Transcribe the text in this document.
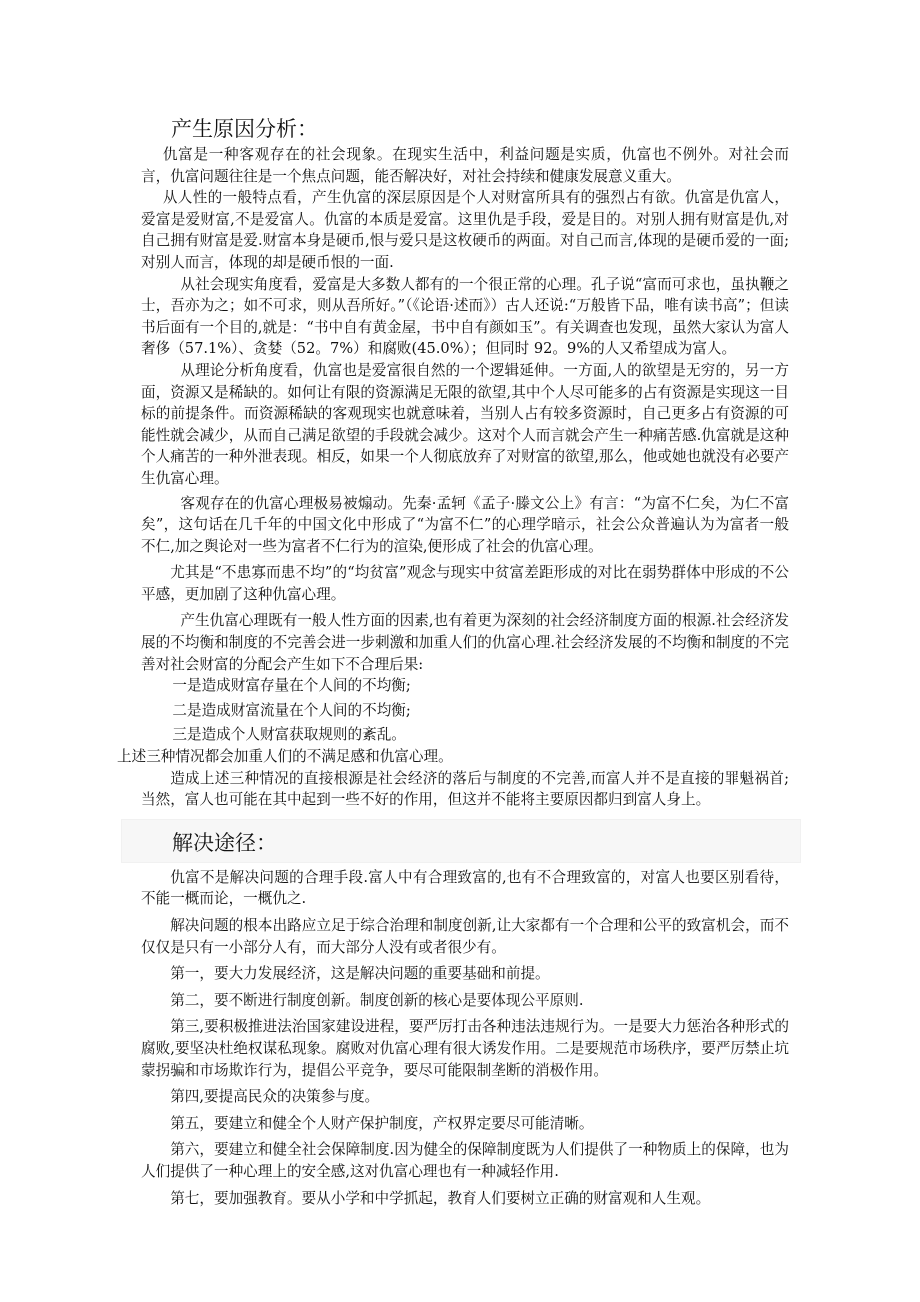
产生原因分析：

仇富是一种客观存在的社会现象。在现实生活中，利益问题是实质，仇富也不例外。对社会而言，仇富问题往往是一个焦点问题，能否解决好，对社会持续和健康发展意义重大。

从人性的一般特点看，产生仇富的深层原因是个人对财富所具有的强烈占有欲。仇富是仇富人，爱富是爱财富,不是爱富人。仇富的本质是爱富。这里仇是手段，爱是目的。对别人拥有财富是仇,对自己拥有财富是爱.财富本身是硬币,恨与爱只是这枚硬币的两面。对自己而言,体现的是硬币爱的一面;对别人而言，体现的却是硬币恨的一面.

从社会现实角度看，爱富是大多数人都有的一个很正常的心理。孔子说“富而可求也，虽执鞭之士，吾亦为之；如不可求，则从吾所好。”（《论语·述而》）古人还说:“万般皆下品，唯有读书高”；但读书后面有一个目的,就是：“书中自有黄金屋，书中自有颜如玉”。有关调查也发现，虽然大家认为富人奢侈（57.1%）、贪婪（52。7%）和腐败(45.0%）；但同时 92。9%的人又希望成为富人。

从理论分析角度看，仇富也是爱富很自然的一个逻辑延伸。一方面,人的欲望是无穷的，另一方面，资源又是稀缺的。如何让有限的资源满足无限的欲望,其中个人尽可能多的占有资源是实现这一目标的前提条件。而资源稀缺的客观现实也就意味着，当别人占有较多资源时，自己更多占有资源的可能性就会减少，从而自己满足欲望的手段就会减少。这对个人而言就会产生一种痛苦感.仇富就是这种个人痛苦的一种外泄表现。相反，如果一个人彻底放弃了对财富的欲望,那么，他或她也就没有必要产生仇富心理。

客观存在的仇富心理极易被煽动。先秦·孟轲《孟子·滕文公上》有言：“为富不仁矣，为仁不富矣”，这句话在几千年的中国文化中形成了“为富不仁”的心理学暗示，社会公众普遍认为为富者一般不仁,加之舆论对一些为富者不仁行为的渲染,便形成了社会的仇富心理。

尤其是“不患寡而患不均”的“均贫富”观念与现实中贫富差距形成的对比在弱势群体中形成的不公平感，更加剧了这种仇富心理。

产生仇富心理既有一般人性方面的因素,也有着更为深刻的社会经济制度方面的根源.社会经济发展的不均衡和制度的不完善会进一步刺激和加重人们的仇富心理.社会经济发展的不均衡和制度的不完善对社会财富的分配会产生如下不合理后果:

一是造成财富存量在个人间的不均衡;

二是造成财富流量在个人间的不均衡;

三是造成个人财富获取规则的紊乱。

上述三种情况都会加重人们的不满足感和仇富心理。

造成上述三种情况的直接根源是社会经济的落后与制度的不完善,而富人并不是直接的罪魁祸首;当然，富人也可能在其中起到一些不好的作用，但这并不能将主要原因都归到富人身上。

解决途径：

仇富不是解决问题的合理手段.富人中有合理致富的,也有不合理致富的，对富人也要区别看待，不能一概而论，一概仇之.

解决问题的根本出路应立足于综合治理和制度创新,让大家都有一个合理和公平的致富机会，而不仅仅是只有一小部分人有，而大部分人没有或者很少有。

第一，要大力发展经济，这是解决问题的重要基础和前提。

第二，要不断进行制度创新。制度创新的核心是要体现公平原则.

第三,要积极推进法治国家建设进程，要严厉打击各种违法违规行为。一是要大力惩治各种形式的腐败,要坚决杜绝权谋私现象。腐败对仇富心理有很大诱发作用。二是要规范市场秩序，要严厉禁止坑蒙拐骗和市场欺诈行为，提倡公平竞争，要尽可能限制垄断的消极作用。

第四,要提高民众的决策参与度。

第五，要建立和健全个人财产保护制度，产权界定要尽可能清晰。

第六，要建立和健全社会保障制度.因为健全的保障制度既为人们提供了一种物质上的保障，也为人们提供了一种心理上的安全感,这对仇富心理也有一种减轻作用.

第七，要加强教育。要从小学和中学抓起，教育人们要树立正确的财富观和人生观。
